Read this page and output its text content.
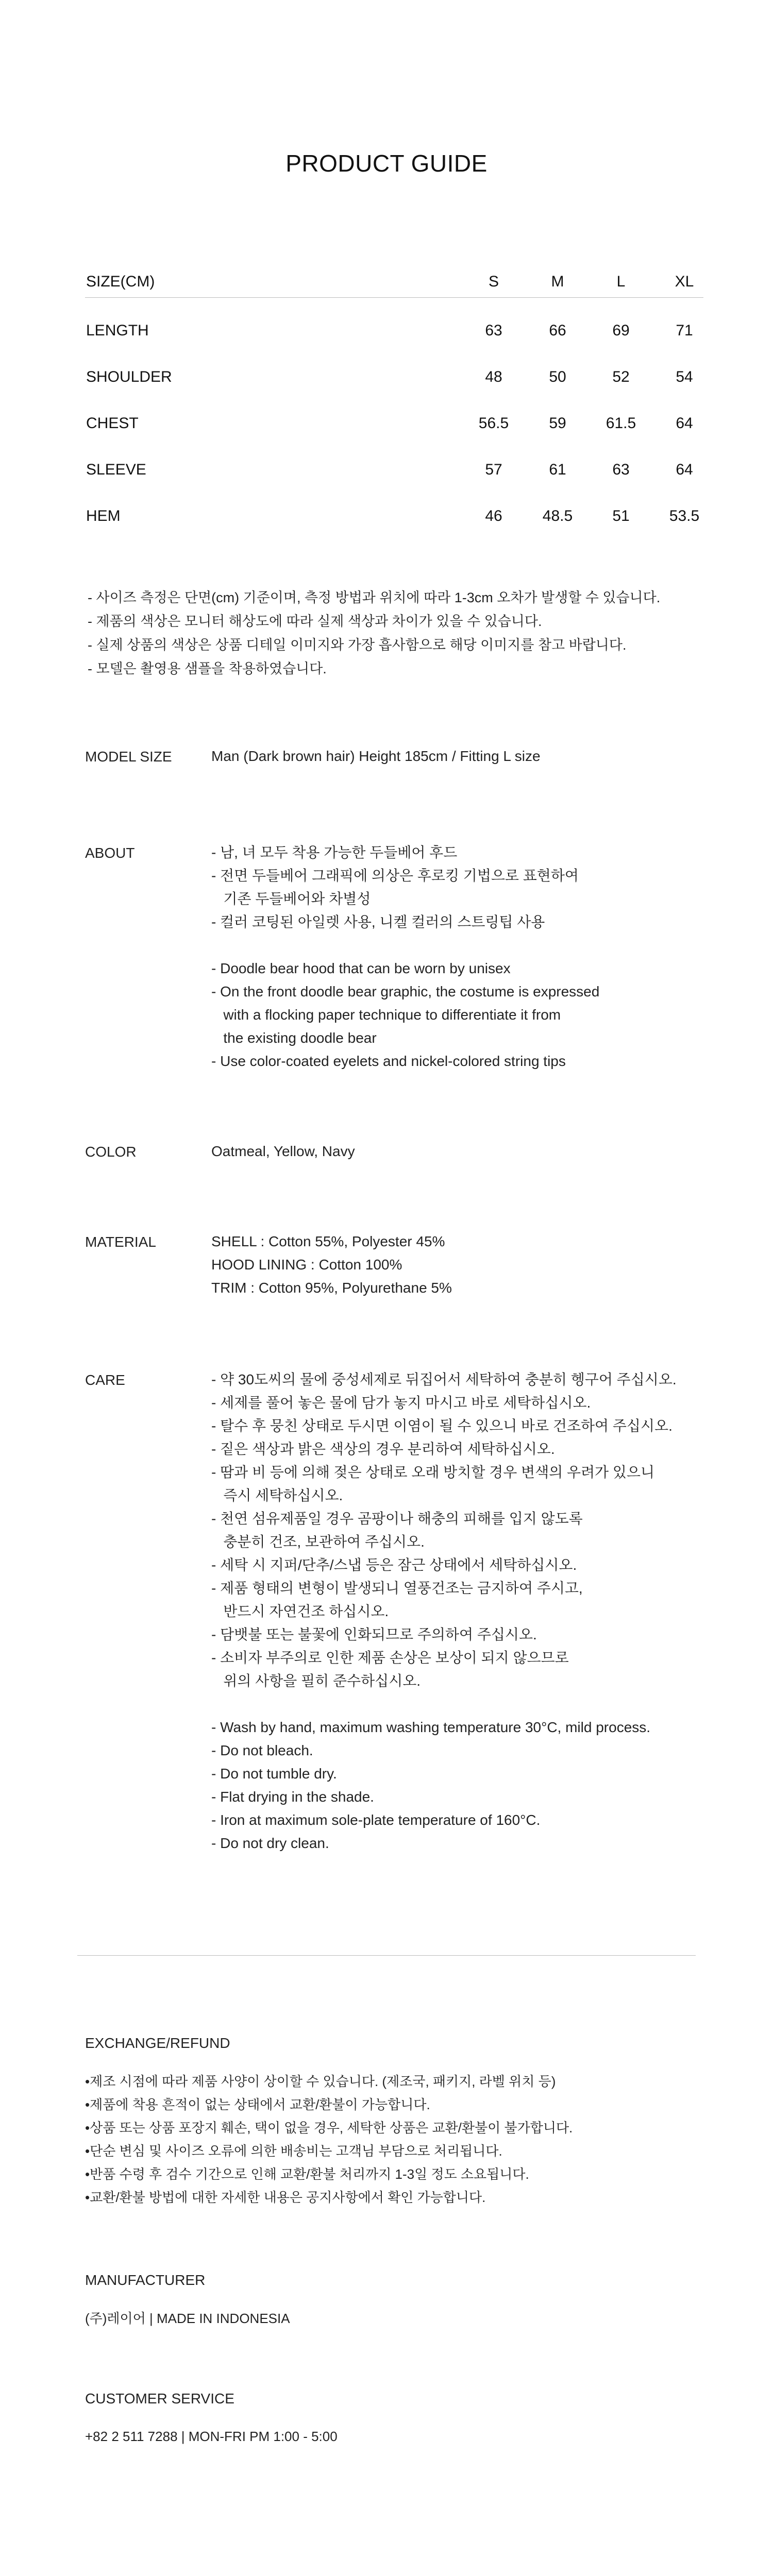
PRODUCT GUIDE
SIZE(CM)	S	M	L	XL
LENGTH	63	66	69	71
SHOULDER	48	50	52	54
CHEST	56.5	59	61.5	64
SLEEVE	57	61	63	64
HEM	46	48.5	51	53.5
- 사이즈 측정은 단면(cm) 기준이며, 측정 방법과 위치에 따라 1-3cm 오차가 발생할 수 있습니다.
- 제품의 색상은 모니터 해상도에 따라 실제 색상과 차이가 있을 수 있습니다.
- 실제 상품의 색상은 상품 디테일 이미지와 가장 흡사함으로 해당 이미지를 참고 바랍니다.
- 모델은 촬영용 샘플을 착용하였습니다.
MODEL SIZE	Man (Dark brown hair) Height 185cm / Fitting L size
ABOUT	- 남, 녀 모두 착용 가능한 두들베어 후드
- 전면 두들베어 그래픽에 의상은 후로킹 기법으로 표현하여
기존 두들베어와 차별성
- 컬러 코팅된 아일렛 사용, 니켈 컬러의 스트링팁 사용

- Doodle bear hood that can be worn by unisex
- On the front doodle bear graphic, the costume is expressed
with a flocking paper technique to differentiate it from
the existing doodle bear
- Use color-coated eyelets and nickel-colored string tips
COLOR	Oatmeal, Yellow, Navy
MATERIAL	SHELL : Cotton 55%, Polyester 45%
HOOD LINING : Cotton 100%
TRIM : Cotton 95%, Polyurethane 5%
CARE	- 약 30도씨의 물에 중성세제로 뒤집어서 세탁하여 충분히 헹구어 주십시오.
- 세제를 풀어 놓은 물에 담가 놓지 마시고 바로 세탁하십시오.
- 탈수 후 뭉친 상태로 두시면 이염이 될 수 있으니 바로 건조하여 주십시오.
- 짙은 색상과 밝은 색상의 경우 분리하여 세탁하십시오.
- 땀과 비 등에 의해 젖은 상태로 오래 방치할 경우 변색의 우려가 있으니
즉시 세탁하십시오.
- 천연 섬유제품일 경우 곰팡이나 해충의 피해를 입지 않도록
충분히 건조, 보관하여 주십시오.
- 세탁 시 지퍼/단추/스냅 등은 잠근 상태에서 세탁하십시오.
- 제품 형태의 변형이 발생되니 열풍건조는 금지하여 주시고,
반드시 자연건조 하십시오.
- 담뱃불 또는 불꽃에 인화되므로 주의하여 주십시오.
- 소비자 부주의로 인한 제품 손상은 보상이 되지 않으므로
위의 사항을 필히 준수하십시오.

- Wash by hand, maximum washing temperature 30°C, mild process.
- Do not bleach.
- Do not tumble dry.
- Flat drying in the shade.
- Iron at maximum sole-plate temperature of 160°C.
- Do not dry clean.
EXCHANGE/REFUND
•제조 시점에 따라 제품 사양이 상이할 수 있습니다. (제조국, 패키지, 라벨 위치 등)
•제품에 착용 흔적이 없는 상태에서 교환/환불이 가능합니다.
•상품 또는 상품 포장지 훼손, 택이 없을 경우, 세탁한 상품은 교환/환불이 불가합니다.
•단순 변심 및 사이즈 오류에 의한 배송비는 고객님 부담으로 처리됩니다.
•반품 수령 후 검수 기간으로 인해 교환/환불 처리까지 1-3일 정도 소요됩니다.
•교환/환불 방법에 대한 자세한 내용은 공지사항에서 확인 가능합니다.
MANUFACTURER
(주)레이어 | MADE IN INDONESIA
CUSTOMER SERVICE
+82 2 511 7288 | MON-FRI PM 1:00 - 5:00
